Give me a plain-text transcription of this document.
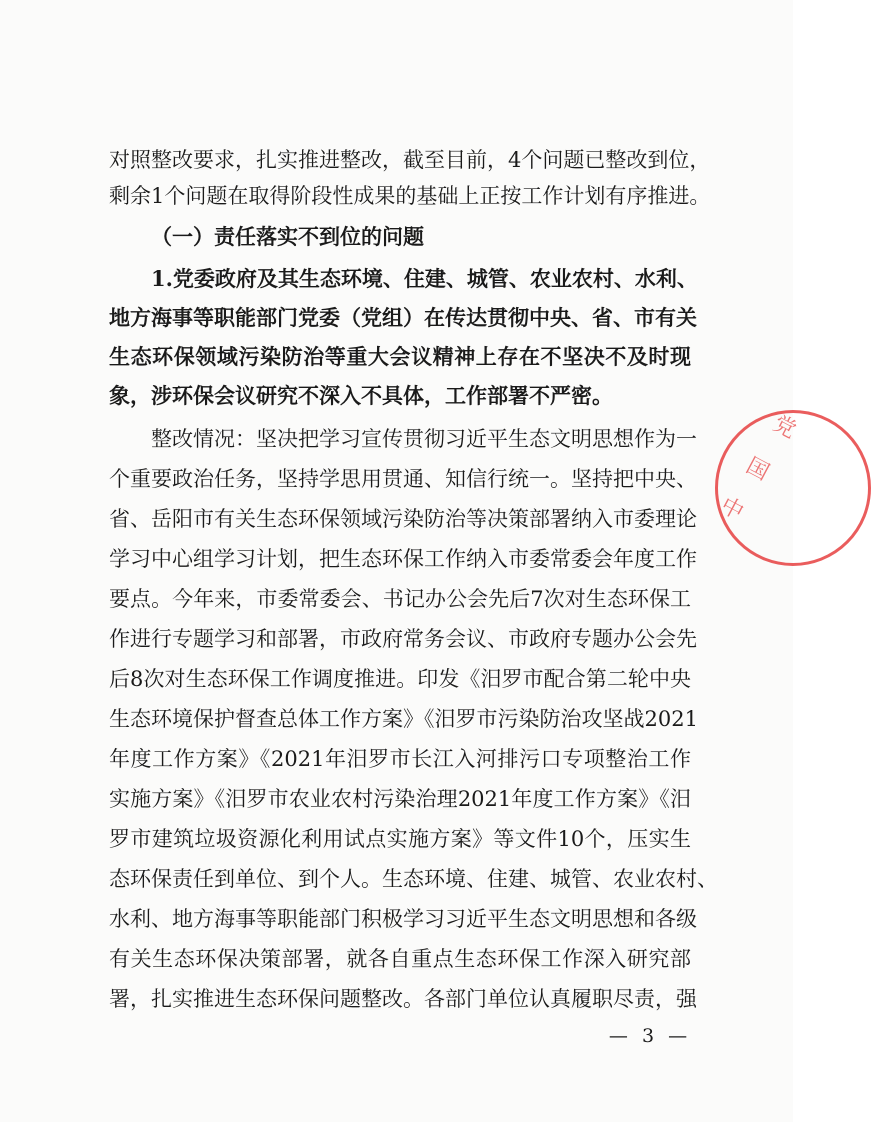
对照整改要求，扎实推进整改，截至目前，4个问题已整改到位，
剩余1个问题在取得阶段性成果的基础上正按工作计划有序推进。
（一）责任落实不到位的问题
1.党委政府及其生态环境、住建、城管、农业农村、水利、
地方海事等职能部门党委（党组）在传达贯彻中央、省、市有关
生态环保领域污染防治等重大会议精神上存在不坚决不及时现
象，涉环保会议研究不深入不具体，工作部署不严密。
整改情况：坚决把学习宣传贯彻习近平生态文明思想作为一
个重要政治任务，坚持学思用贯通、知信行统一。坚持把中央、
省、岳阳市有关生态环保领域污染防治等决策部署纳入市委理论
学习中心组学习计划，把生态环保工作纳入市委常委会年度工作
要点。今年来，市委常委会、书记办公会先后7次对生态环保工
作进行专题学习和部署，市政府常务会议、市政府专题办公会先
后8次对生态环保工作调度推进。印发《汨罗市配合第二轮中央
生态环境保护督查总体工作方案》《汨罗市污染防治攻坚战2021
年度工作方案》《2021年汨罗市长江入河排污口专项整治工作
实施方案》《汨罗市农业农村污染治理2021年度工作方案》《汨
罗市建筑垃圾资源化利用试点实施方案》等文件10个，压实生
态环保责任到单位、到个人。生态环境、住建、城管、农业农村、
水利、地方海事等职能部门积极学习习近平生态文明思想和各级
有关生态环保决策部署，就各自重点生态环保工作深入研究部
署，扎实推进生态环保问题整改。各部门单位认真履职尽责，强
— 3 —
党
国
中
